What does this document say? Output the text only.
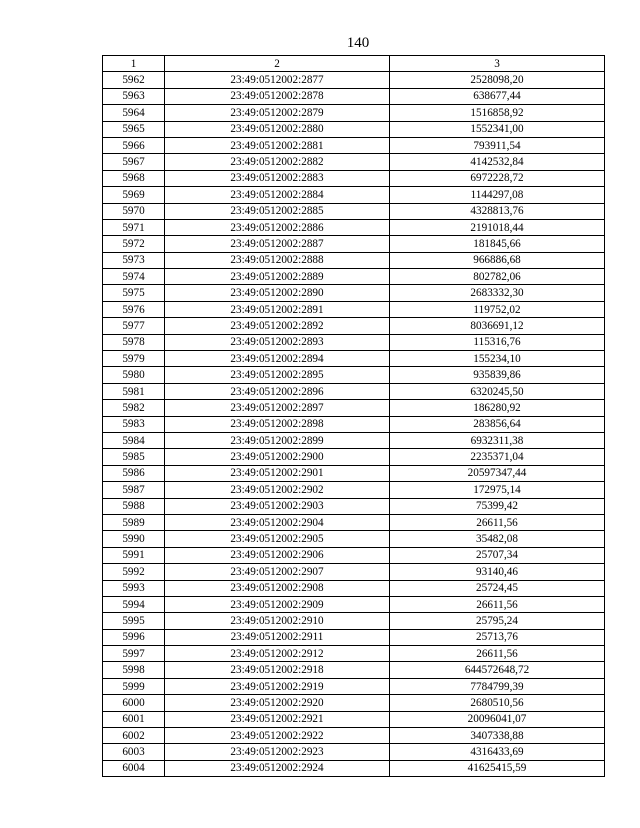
140
1	2	3
5962	23:49:0512002:2877	2528098,20
5963	23:49:0512002:2878	638677,44
5964	23:49:0512002:2879	1516858,92
5965	23:49:0512002:2880	1552341,00
5966	23:49:0512002:2881	793911,54
5967	23:49:0512002:2882	4142532,84
5968	23:49:0512002:2883	6972228,72
5969	23:49:0512002:2884	1144297,08
5970	23:49:0512002:2885	4328813,76
5971	23:49:0512002:2886	2191018,44
5972	23:49:0512002:2887	181845,66
5973	23:49:0512002:2888	966886,68
5974	23:49:0512002:2889	802782,06
5975	23:49:0512002:2890	2683332,30
5976	23:49:0512002:2891	119752,02
5977	23:49:0512002:2892	8036691,12
5978	23:49:0512002:2893	115316,76
5979	23:49:0512002:2894	155234,10
5980	23:49:0512002:2895	935839,86
5981	23:49:0512002:2896	6320245,50
5982	23:49:0512002:2897	186280,92
5983	23:49:0512002:2898	283856,64
5984	23:49:0512002:2899	6932311,38
5985	23:49:0512002:2900	2235371,04
5986	23:49:0512002:2901	20597347,44
5987	23:49:0512002:2902	172975,14
5988	23:49:0512002:2903	75399,42
5989	23:49:0512002:2904	26611,56
5990	23:49:0512002:2905	35482,08
5991	23:49:0512002:2906	25707,34
5992	23:49:0512002:2907	93140,46
5993	23:49:0512002:2908	25724,45
5994	23:49:0512002:2909	26611,56
5995	23:49:0512002:2910	25795,24
5996	23:49:0512002:2911	25713,76
5997	23:49:0512002:2912	26611,56
5998	23:49:0512002:2918	644572648,72
5999	23:49:0512002:2919	7784799,39
6000	23:49:0512002:2920	2680510,56
6001	23:49:0512002:2921	20096041,07
6002	23:49:0512002:2922	3407338,88
6003	23:49:0512002:2923	4316433,69
6004	23:49:0512002:2924	41625415,59
